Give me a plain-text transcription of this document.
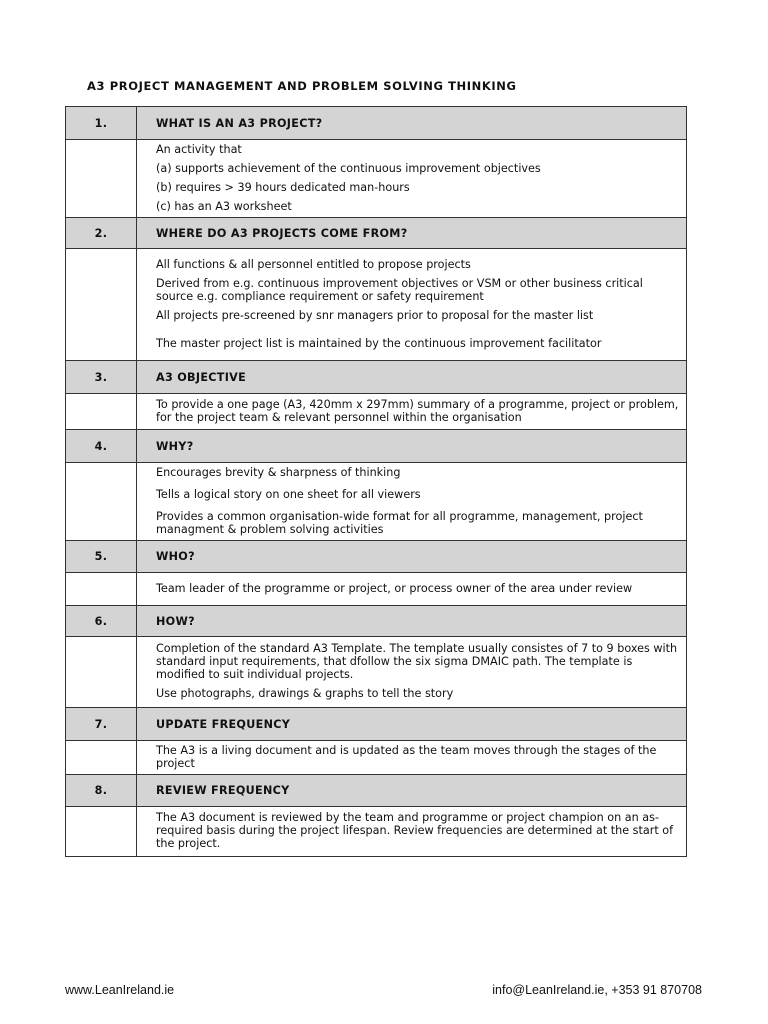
A3 PROJECT MANAGEMENT AND PROBLEM SOLVING THINKING
1.	WHAT IS AN A3 PROJECT?

	An activity that

(a) supports achievement of the continuous improvement objectives

(b) requires > 39 hours dedicated man-hours

(c) has an A3 worksheet

2.	WHERE DO A3 PROJECTS COME FROM?

	All functions & all personnel entitled to propose projects

Derived from e.g. continuous improvement objectives or VSM or other business critical source e.g. compliance requirement or safety requirement

All projects pre-screened by snr managers prior to proposal for the master list

The master project list is maintained by the continuous improvement facilitator

3.	A3 OBJECTIVE

	To provide a one page (A3, 420mm x 297mm) summary of a programme, project or problem, for the project team & relevant personnel within the organisation

4.	WHY?

	Encourages brevity & sharpness of thinking

Tells a logical story on one sheet for all viewers

Provides a common organisation-wide format for all programme, management, project managment & problem solving activities

5.	WHO?

	Team leader of the programme or project, or process owner of the area under review

6.	HOW?

	Completion of the standard A3 Template. The template usually consistes of 7 to 9 boxes with standard input requirements, that dfollow the six sigma DMAIC path. The template is modified to suit individual projects.

Use photographs, drawings & graphs to tell the story

7.	UPDATE FREQUENCY

	The A3 is a living document and is updated as the team moves through the stages of the project

8.	REVIEW FREQUENCY

	The A3 document is reviewed by the team and programme or project champion on an as-required basis during the project lifespan. Review frequencies are determined at the start of the project.

www.LeanIreland.ie	info@LeanIreland.ie, +353 91 870708
